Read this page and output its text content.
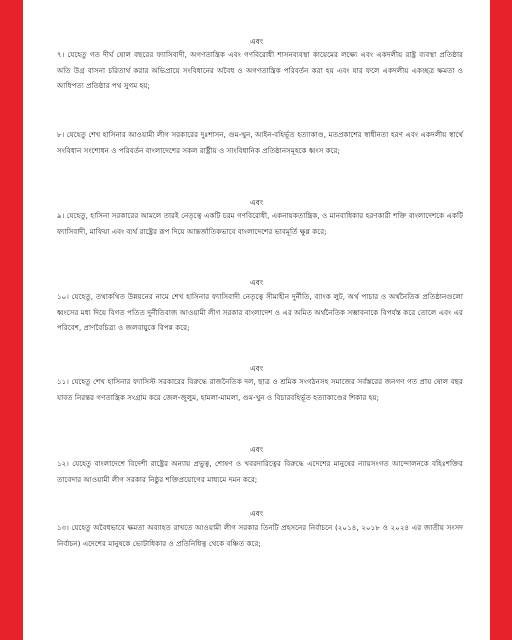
এবং
৭। যেহেতু গত দীর্ঘ ষোল বছরের ফ্যাসিবাদী, অগণতান্ত্রিক এবং গণবিরোধী শাসনব্যবস্থা কায়েমের লক্ষ্যে এবং একদলীয় রাষ্ট্র ব্যবস্থা প্রতিষ্ঠার অতি উগ্র বাসনা চরিতার্থ করার অভিপ্রায়ে সংবিধানের অবৈধ ও অগণতান্ত্রিক পরিবর্তন করা হয় এবং যার ফলে একদলীয় একচ্ছত্র ক্ষমতা ও আধিপত্য প্রতিষ্ঠার পথ সুগম হয়;
৮। যেহেতু শেখ হাসিনার আওয়ামী লীগ সরকারের দুঃশাসন, গুম-খুন, আইন-বহির্ভূত হত্যাকাণ্ড, মতপ্রকাশের স্বাধীনতা হরণ এবং একদলীয় স্বার্থে সংবিধান সংশোধন ও পরিবর্তন বাংলাদেশের সকল রাষ্ট্রীয় ও সাংবিধানিক প্রতিষ্ঠানসমূহকে ধ্বংস করে;
এবং
৯। যেহেতু, হাসিনা সরকারের আমলে তারই নেতৃত্বে একটি চরম গণবিরোধী, একনায়কতান্ত্রিক, ও মানবাধিকার হরণকারী শক্তি বাংলাদেশকে একটি ফ্যাসিবাদী, মাফিয়া এবং ব্যর্থ রাষ্ট্রের রূপ দিয়ে আন্তর্জাতিকভাবে বাংলাদেশের ভাবমূর্তি ক্ষুণ্ণ করে;
এবং
১০। যেহেতু, তথাকথিত উন্নয়নের নামে শেখ হাসিনার ফ্যাসিবাদী নেতৃত্বে সীমাহীন দুর্নীতি, ব্যাংক লুট, অর্থ পাচার ও অর্থনৈতিক প্রতিষ্ঠানগুলো ধ্বংসের মধ্য দিয়ে বিগত পতিত দুর্নীতিবাজ আওয়ামী লীগ সরকার বাংলাদেশ ও এর অমিত অর্থনৈতিক সম্ভাবনাকে বিপর্যস্ত করে তোলে এবং এর পরিবেশ, প্রাণবৈচিত্র্য ও জলবায়ুকে বিপন্ন করে;
এবং
১১। যেহেতু শেখ হাসিনার ফ্যাসিস্ট সরকারের বিরুদ্ধে রাজনৈতিক দল, ছাত্র ও শ্রমিক সংগঠনসহ সমাজের সর্বস্তরের জনগণ গত প্রায় ষোল বছর যাবত নিরন্তর গণতান্ত্রিক সংগ্রাম করে জেল-জুলুম, হামলা-মামলা, গুম-খুন ও বিচারবহির্ভূত হত্যাকাণ্ডের শিকার হয়;
এবং
১২। যেহেতু বাংলাদেশে বিদেশী রাষ্ট্রের অন্যায় প্রভুত্ব, শোষণ ও খবরদারিত্বের বিরুদ্ধে এদেশের মানুষের ন্যায়সংগত আন্দোলনকে বহিঃশক্তির তাবেদার আওয়ামী লীগ সরকার নিষ্ঠুর শক্তিপ্রয়োগের মাধ্যমে দমন করে;
এবং
১৩। যেহেতু অবৈধভাবে ক্ষমতা অব্যাহত রাখতে আওয়ামী লীগ সরকার তিনটি প্রহসনের নির্বাচনে (২০১৪, ২০১৮ ও ২০২৪ এর জাতীয় সংসদ নির্বাচন) এদেশের মানুষকে ভোটাধিকার ও প্রতিনিধিত্ব থেকে বঞ্চিত করে;
